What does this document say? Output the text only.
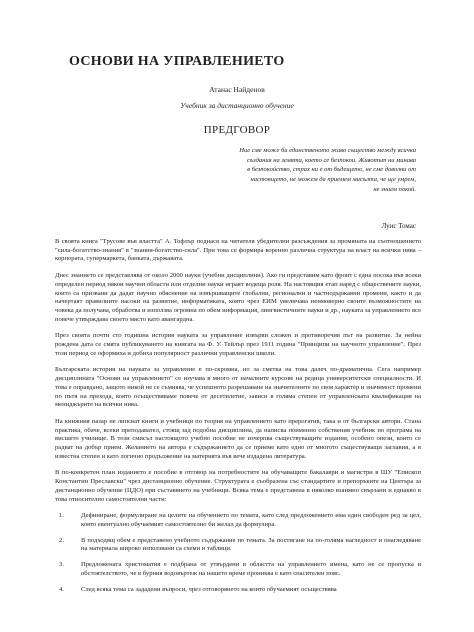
ОСНОВИ НА УПРАВЛЕНИЕТО
Атанас Найденов
Учебник за дистанционно обучение
ПРЕДГОВОР
Ние сме може би единственото живо същество между всички
създания на земята, което се безпокои. Животът ни минава
в безпокойство, страх ни е от бъдещето, не сме доволни от
настоящето, не можем да приемем мисълта, че ще умрем,
не знаем покой.
Луис Томас

В своята книга "Трусове във властта" А. Тофлър поднася на читателя убедителни разсъждения за промяната на съотношението "сила-богатство-знания" в "знания-богатство-сила". При това се формира коренно различна структура на власт на всички нива – корпората, супермаркета, банката, държавата.

Днес знанието се представлява от около 2000 науки (учебни дисциплини). Ако ги представим като фронт с една посока във всеки определен период някои научни области или отделни науки играят водеща роля. На настоящия етап наред с обществените науки, които са призвани да дадат научно обяснение на извършващите глобални, регионални и частнодържавни промени, както и да начертаят правилните насоки на развитие, информатиката, която чрез ЕИМ увеличава неимоверно своите възможностите на човека да получава, обработва и използва огромна по обем информация, лингвистичните науки и др., науката за управлението все повече утвърждава своето място като авангардна.

През своята почти сто годишна история науката за управление извърви сложен и противоречив път на развитие. За нейна рождена дата се смята публикуването на книгата на Ф. У. Тейлър през 1911 година "Принципи на научното управление". През този период се оформиха и добиха популярност различни управленски школи.

Българската история на науката за управление е по-скромна, но за сметка на това далеч по-драматична. Сега например дисциплината "Основи на управлението" се изучава в много от началните курсове на редица университетски специалности. И това е оправдано, защото никой не се съмнява, че успешното разрешаване на значителните по своя характер и значимост промени по пътя на прехода, която осъществяваме повече от десетилетие, зависи в голяма степен от управленската квалификация на мениджърите на всички нива.

На книжния пазар не липсват книги и учебници по теория на управлението като прерогатив, така и от български автори. Стана практика, обаче, всеки преподавател, стоящ зад подобна дисциплина, да написва поименно собствения учебник по програма на висшето училище. В този смисъл настоящото учебно пособие не изчерпва съществуващите издания, особено онези, които се радват на добър прием. Желанието на автора е съдържанието да се приеме като едно от многото съществуващи заглавия, а в известна степен и като логично продължение на материята във вече издадена литература.

В по-конкретен план изданието е пособие в отговор на потребностите на обучаващите бакалаври и магистри в ШУ "Епископ Константин Преславски" чрез дистанционно обучение. Структурата е съобразена със стандартите и препоръките на Центъра за дистанционно обучение (ЦДО) при съставянето на учебници. Всяка тема е представена в няколко взаимно свързани и еднакво в това относително самостоятелни части:

1.	Дефиниране, формулиране на целите на обучението по темата, като след предложението има един свободен ред за цел, която евентуално обучаемият самостоятелно би желал да формулира.
2.	В подходящ обем е представено учебното съдържание по темата. За постигане на по-голяма нагледност и онагледяване на материала широко използвани са схеми и таблици.
3.	Предложената христоматия е подбрана от утвърдени в областта на управлението имена, като не се пропуска и обстоятелството, че в бурния водовъртеж на нашето време прониква е като спасителен пояс.
4.	След всяка тема са зададени въпроси, чрез отговорянето на които обучаемият осъществява
